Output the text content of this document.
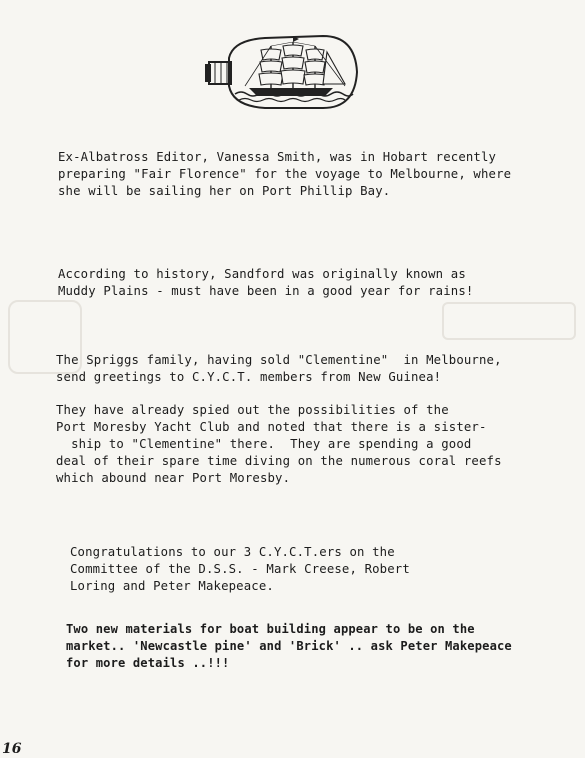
Ex-Albatross Editor, Vanessa Smith, was in Hobart recently
preparing "Fair Florence" for the voyage to Melbourne, where
she will be sailing her on Port Phillip Bay.

According to history, Sandford was originally known as
Muddy Plains - must have been in a good year for rains!

The Spriggs family, having sold "Clementine"  in Melbourne,
send greetings to C.Y.C.T. members from New Guinea!

They have already spied out the possibilities of the
Port Moresby Yacht Club and noted that there is a sister-
ship to "Clementine" there.  They are spending a good
deal of their spare time diving on the numerous coral reefs
which abound near Port Moresby.

Congratulations to our 3 C.Y.C.T.ers on the
Committee of the D.S.S. - Mark Creese, Robert
Loring and Peter Makepeace.

Two new materials for boat building appear to be on the
market.. 'Newcastle pine' and 'Brick' .. ask Peter Makepeace
for more details ..!!!

16
